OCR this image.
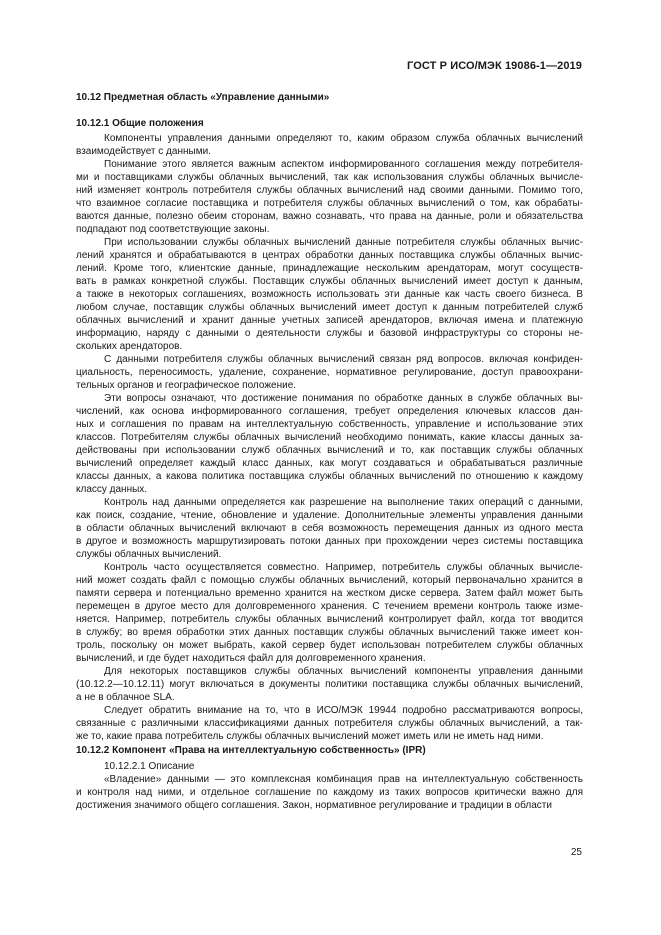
ГОСТ Р ИСО/МЭК 19086-1—2019

10.12 Предметная область «Управление данными»

10.12.1 Общие положения

Компоненты управления данными определяют то, каким образом служба облачных вычислений
взаимодействует с данными.
Понимание этого является важным аспектом информированного соглашения между потребителя-
ми и поставщиками службы облачных вычислений, так как использования службы облачных вычисле-
ний изменяет контроль потребителя службы облачных вычислений над своими данными. Помимо того,
что взаимное согласие поставщика и потребителя службы облачных вычислений о том, как обрабаты-
ваются данные, полезно обеим сторонам, важно сознавать, что права на данные, роли и обязательства
подпадают под соответствующие законы.
При использовании службы облачных вычислений данные потребителя службы облачных вычис-
лений хранятся и обрабатываются в центрах обработки данных поставщика службы облачных вычис-
лений. Кроме того, клиентские данные, принадлежащие нескольким арендаторам, могут сосуществ-
вать в рамках конкретной службы. Поставщик службы облачных вычислений имеет доступ к данным,
а также в некоторых соглашениях, возможность использовать эти данные как часть своего бизнеса. В
любом случае, поставщик службы облачных вычислений имеет доступ к данным потребителей служб
облачных вычислений и хранит данные учетных записей арендаторов, включая имена и платежную
информацию, наряду с данными о деятельности службы и базовой инфраструктуры со стороны не-
скольких арендаторов.
С данными потребителя службы облачных вычислений связан ряд вопросов. включая конфиден-
циальность, переносимость, удаление, сохранение, нормативное регулирование, доступ правоохрани-
тельных органов и географическое положение.
Эти вопросы означают, что достижение понимания по обработке данных в службе облачных вы-
числений, как основа информированного соглашения, требует определения ключевых классов дан-
ных и соглашения по правам на интеллектуальную собственность, управление и использование этих
классов. Потребителям службы облачных вычислений необходимо понимать, какие классы данных за-
действованы при использовании служб облачных вычислений и то, как поставщик службы облачных
вычислений определяет каждый класс данных, как могут создаваться и обрабатываться различные
классы данных, а какова политика поставщика службы облачных вычислений по отношению к каждому
классу данных.
Контроль над данными определяется как разрешение на выполнение таких операций с данными,
как поиск, создание, чтение, обновление и удаление. Дополнительные элементы управления данными
в области облачных вычислений включают в себя возможность перемещения данных из одного места
в другое и возможность маршрутизировать потоки данных при прохождении через системы поставщика
службы облачных вычислений.
Контроль часто осуществляется совместно. Например, потребитель службы облачных вычисле-
ний может создать файл с помощью службы облачных вычислений, который первоначально хранится в
памяти сервера и потенциально временно хранится на жестком диске сервера. Затем файл может быть
перемещен в другое место для долговременного хранения. С течением времени контроль также изме-
няется. Например, потребитель службы облачных вычислений контролирует файл, когда тот вводится
в службу; во время обработки этих данных поставщик службы облачных вычислений также имеет кон-
троль, поскольку он может выбрать, какой сервер будет использован потребителем службы облачных
вычислений, и где будет находиться файл для долговременного хранения.
Для некоторых поставщиков службы облачных вычислений компоненты управления данными
(10.12.2—10.12.11) могут включаться в документы политики поставщика службы облачных вычислений,
а не в облачное SLA.
Следует обратить внимание на то, что в ИСО/МЭК 19944 подробно рассматриваются вопросы,
связанные с различными классификациями данных потребителя службы облачных вычислений, а так-
же то, какие права потребитель службы облачных вычислений может иметь или не иметь над ними.

10.12.2 Компонент «Права на интеллектуальную собственность» (IPR)

10.12.2.1 Описание

«Владение» данными — это комплексная комбинация прав на интеллектуальную собственность
и контроля над ними, и отдельное соглашение по каждому из таких вопросов критически важно для
достижения значимого общего соглашения. Закон, нормативное регулирование и традиции в области
25
